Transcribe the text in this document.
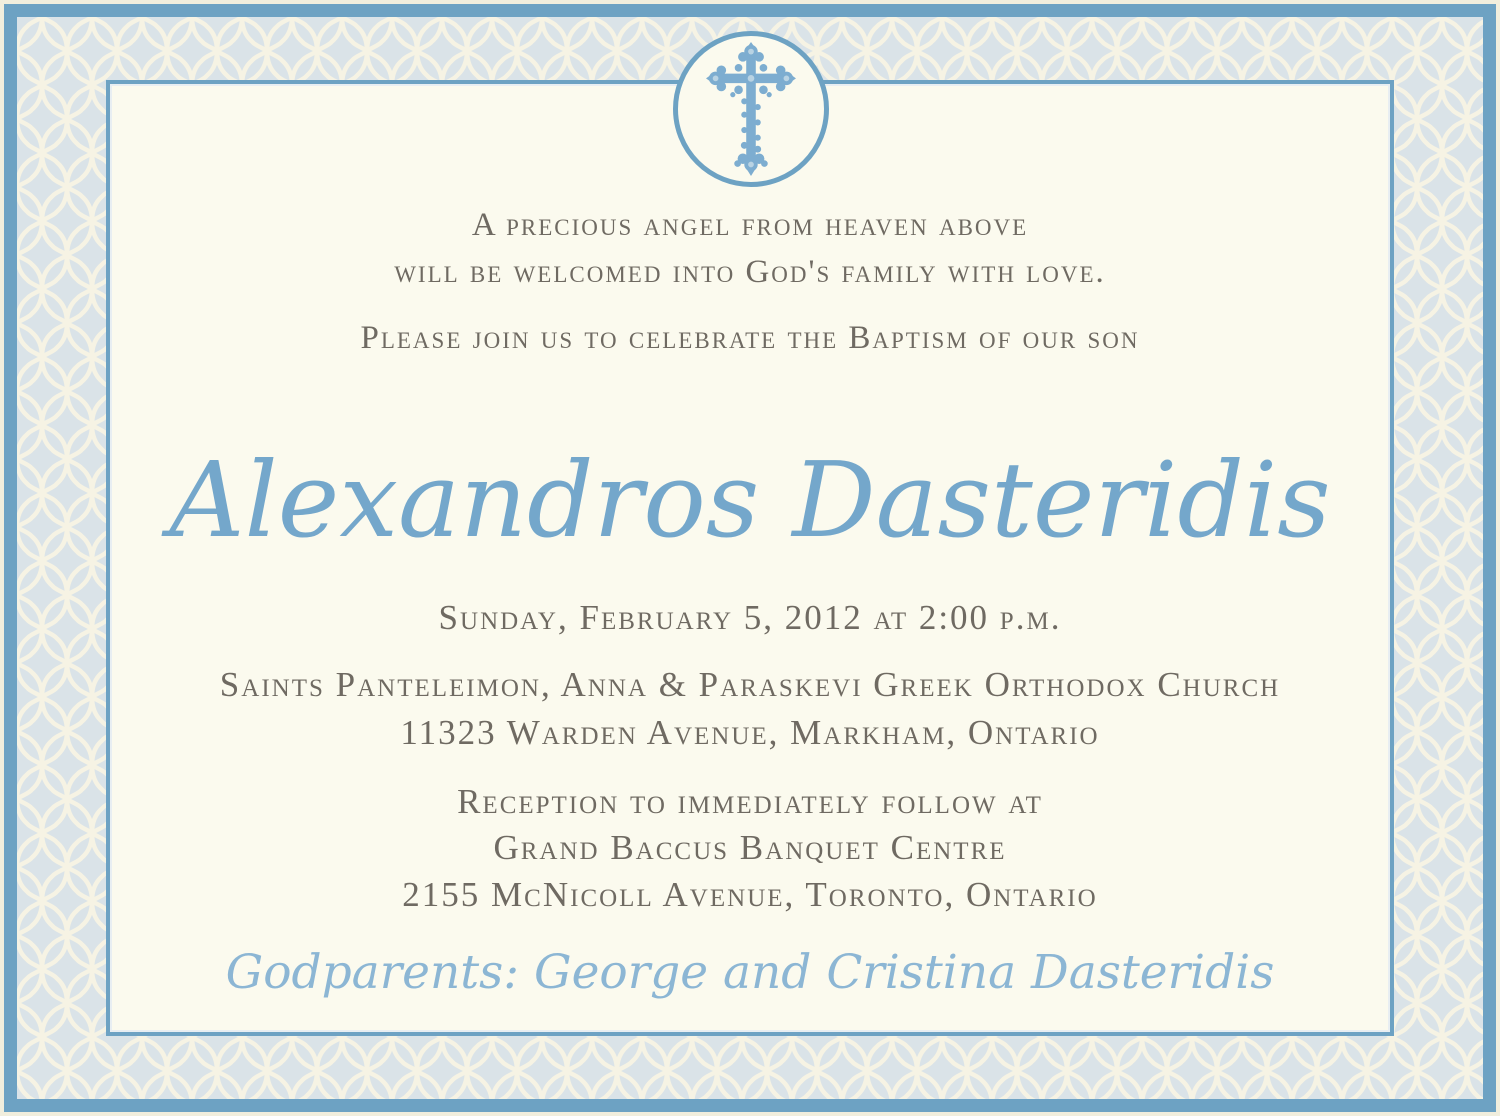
A precious angel from heaven above
will be welcomed into God's family with love.
Please join us to celebrate the Baptism of our son
Alexandros Dasteridis
Sunday, February 5, 2012 at 2:00 p.m.
Saints Panteleimon, Anna & Paraskevi Greek Orthodox Church
11323 Warden Avenue, Markham, Ontario
Reception to immediately follow at
Grand Baccus Banquet Centre
2155 McNicoll Avenue, Toronto, Ontario
Godparents: George and Cristina Dasteridis
